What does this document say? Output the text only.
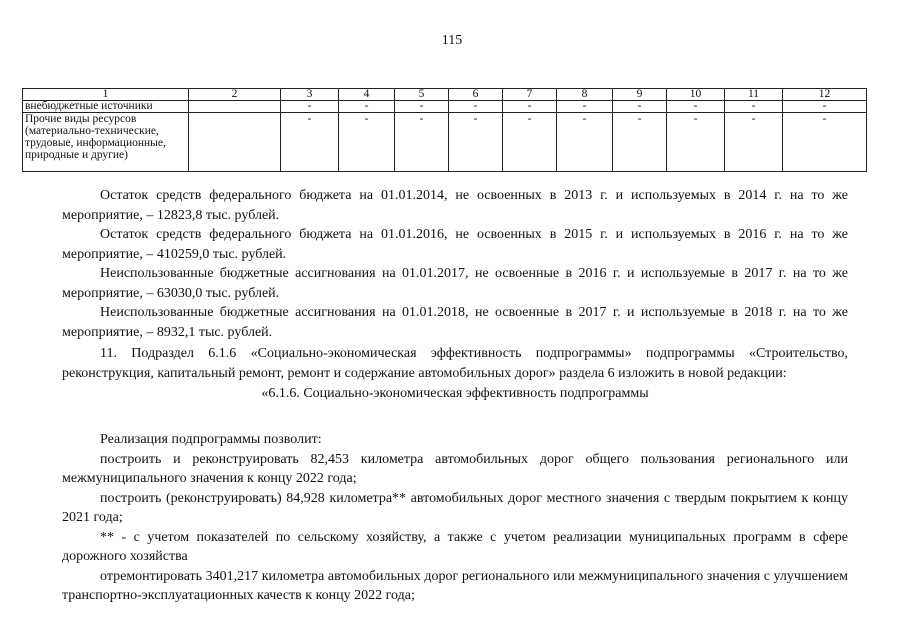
115
1	2	3	4	5	6	7	8	9	10	11	12
внебюджетные источники		-	-	-	-	-	-	-	-	-	-
Прочие виды ресурсов (материально-технические, трудовые, информационные, природные и другие)		-	-	-	-	-	-	-	-	-	-

Остаток средств федерального бюджета на 01.01.2014, не освоенных в 2013 г. и используемых в 2014 г. на то же мероприятие, – 12823,8 тыс. рублей.

Остаток средств федерального бюджета на 01.01.2016, не освоенных в 2015 г. и используемых в 2016 г. на то же мероприятие, – 410259,0 тыс. рублей.

Неиспользованные бюджетные ассигнования на 01.01.2017, не освоенные в 2016 г. и используемые в 2017 г. на то же мероприятие, – 63030,0 тыс. рублей.

Неиспользованные бюджетные ассигнования на 01.01.2018, не освоенные в 2017 г. и используемые в 2018 г. на то же мероприятие, – 8932,1 тыс. рублей.

11. Подраздел 6.1.6 «Социально-экономическая эффективность подпрограммы» подпрограммы «Строительство, реконструкция, капитальный ремонт, ремонт и содержание автомобильных дорог» раздела 6 изложить в новой редакции:

«6.1.6. Социально-экономическая эффективность подпрограммы

Реализация подпрограммы позволит:

построить и реконструировать 82,453 километра автомобильных дорог общего пользования регионального или межмуниципального значения к концу 2022 года;

построить (реконструировать) 84,928 километра** автомобильных дорог местного значения с твердым покрытием к концу 2021 года;

** - с учетом показателей по сельскому хозяйству, а также с учетом реализации муниципальных программ в сфере дорожного хозяйства

отремонтировать 3401,217 километра автомобильных дорог регионального или межмуниципального значения с улучшением транспортно-эксплуатационных качеств к концу 2022 года;
